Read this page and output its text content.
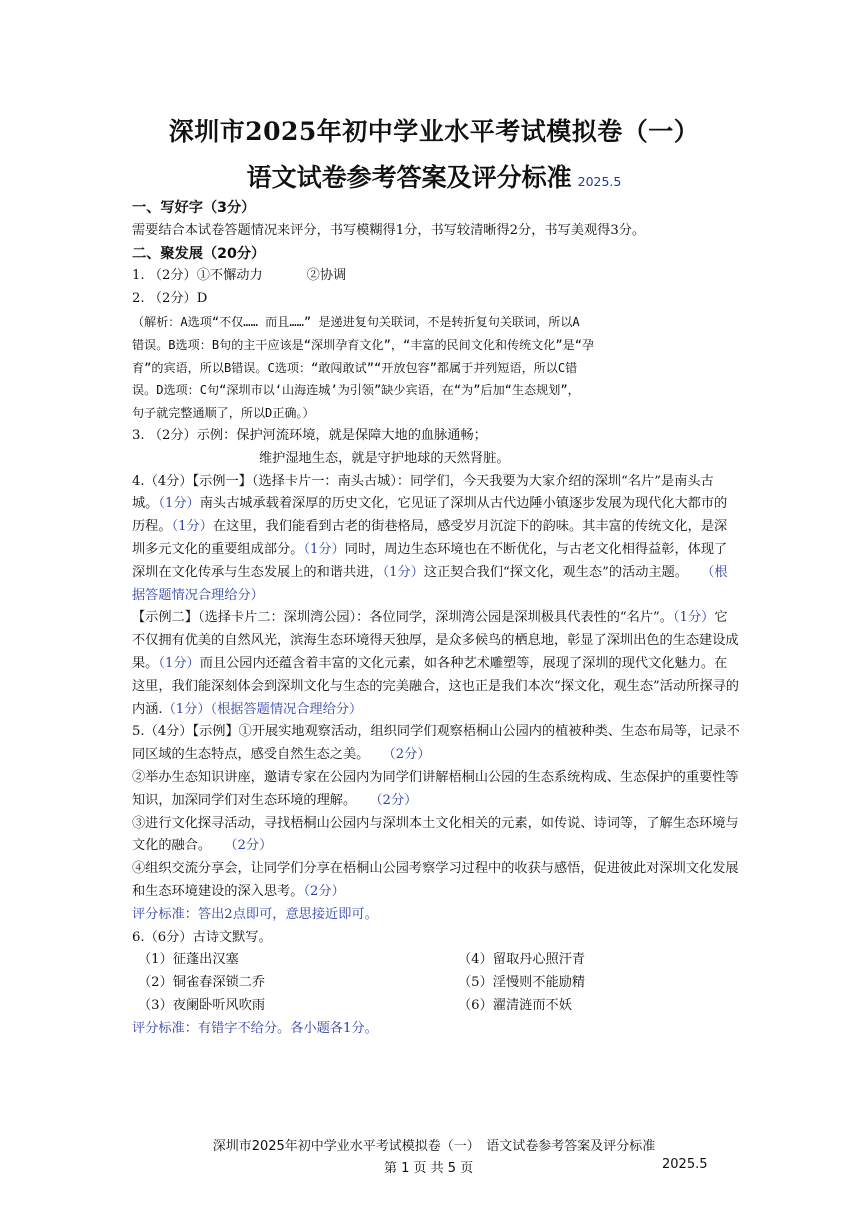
深圳市2025年初中学业水平考试模拟卷（一）
语文试卷参考答案及评分标准 2025.5

一、写好字（3分）

需要结合本试卷答题情况来评分，书写模糊得1分，书写较清晰得2分，书写美观得3分。

二、聚发展（20分）

1. （2分）①不懈动力	②协调

2. （2分）D

（解析：A选项“不仅…… 而且……” 是递进复句关联词，不是转折复句关联词，所以A

错误。B选项：B句的主干应该是“深圳孕育文化”，“丰富的民间文化和传统文化”是“孕

育”的宾语，所以B错误。C选项：“敢闯敢试”“开放包容”都属于并列短语，所以C错

误。D选项：C句“深圳市以‘山海连城’为引领”缺少宾语，在“为”后加“生态规划”，

句子就完整通顺了，所以D正确。）

3. （2分）示例：保护河流环境，就是保障大地的血脉通畅；

维护湿地生态，就是守护地球的天然肾脏。

4.（4分）【示例一】（选择卡片一：南头古城）：同学们，今天我要为大家介绍的深圳“名片”是南头古城。（1分）南头古城承载着深厚的历史文化，它见证了深圳从古代边陲小镇逐步发展为现代化大都市的历程。（1分）在这里，我们能看到古老的街巷格局，感受岁月沉淀下的韵味。其丰富的传统文化，是深圳多元文化的重要组成部分。（1分）同时，周边生态环境也在不断优化，与古老文化相得益彰，体现了深圳在文化传承与生态发展上的和谐共进，（1分）这正契合我们“探文化，观生态”的活动主题。　　 （根据答题情况合理给分）

【示例二】（选择卡片二：深圳湾公园）：各位同学，深圳湾公园是深圳极具代表性的“名片”。（1分）它不仅拥有优美的自然风光，滨海生态环境得天独厚，是众多候鸟的栖息地，彰显了深圳出色的生态建设成果。（1分）而且公园内还蕴含着丰富的文化元素，如各种艺术雕塑等，展现了深圳的现代文化魅力。在这里，我们能深刻体会到深圳文化与生态的完美融合，这也正是我们本次“探文化，观生态”活动所探寻的内涵.（1分）（根据答题情况合理给分）

5.（4分）【示例】①开展实地观察活动，组织同学们观察梧桐山公园内的植被种类、生态布局等，记录不同区域的生态特点，感受自然生态之美。　　 （2分）

②举办生态知识讲座，邀请专家在公园内为同学们讲解梧桐山公园的生态系统构成、生态保护的重要性等知识，加深同学们对生态环境的理解。　　 （2分）

③进行文化探寻活动，寻找梧桐山公园内与深圳本土文化相关的元素，如传说、诗词等，了解生态环境与文化的融合。　　 （2分）

④组织交流分享会，让同学们分享在梧桐山公园考察学习过程中的收获与感悟，促进彼此对深圳文化发展和生态环境建设的深入思考。（2分）

评分标准：答出2点即可，意思接近即可。

6.（6分）古诗文默写。

（1）征蓬出汉塞	（4）留取丹心照汗青
（2）铜雀春深锁二乔	（5）淫慢则不能励精
（3）夜阑卧听风吹雨	（6）濯清涟而不妖

评分标准：有错字不给分。各小题各1分。

深圳市2025年初中学业水平考试模拟卷（一）　语文试卷参考答案及评分标准
第 1 页 共 5 页	2025.5
